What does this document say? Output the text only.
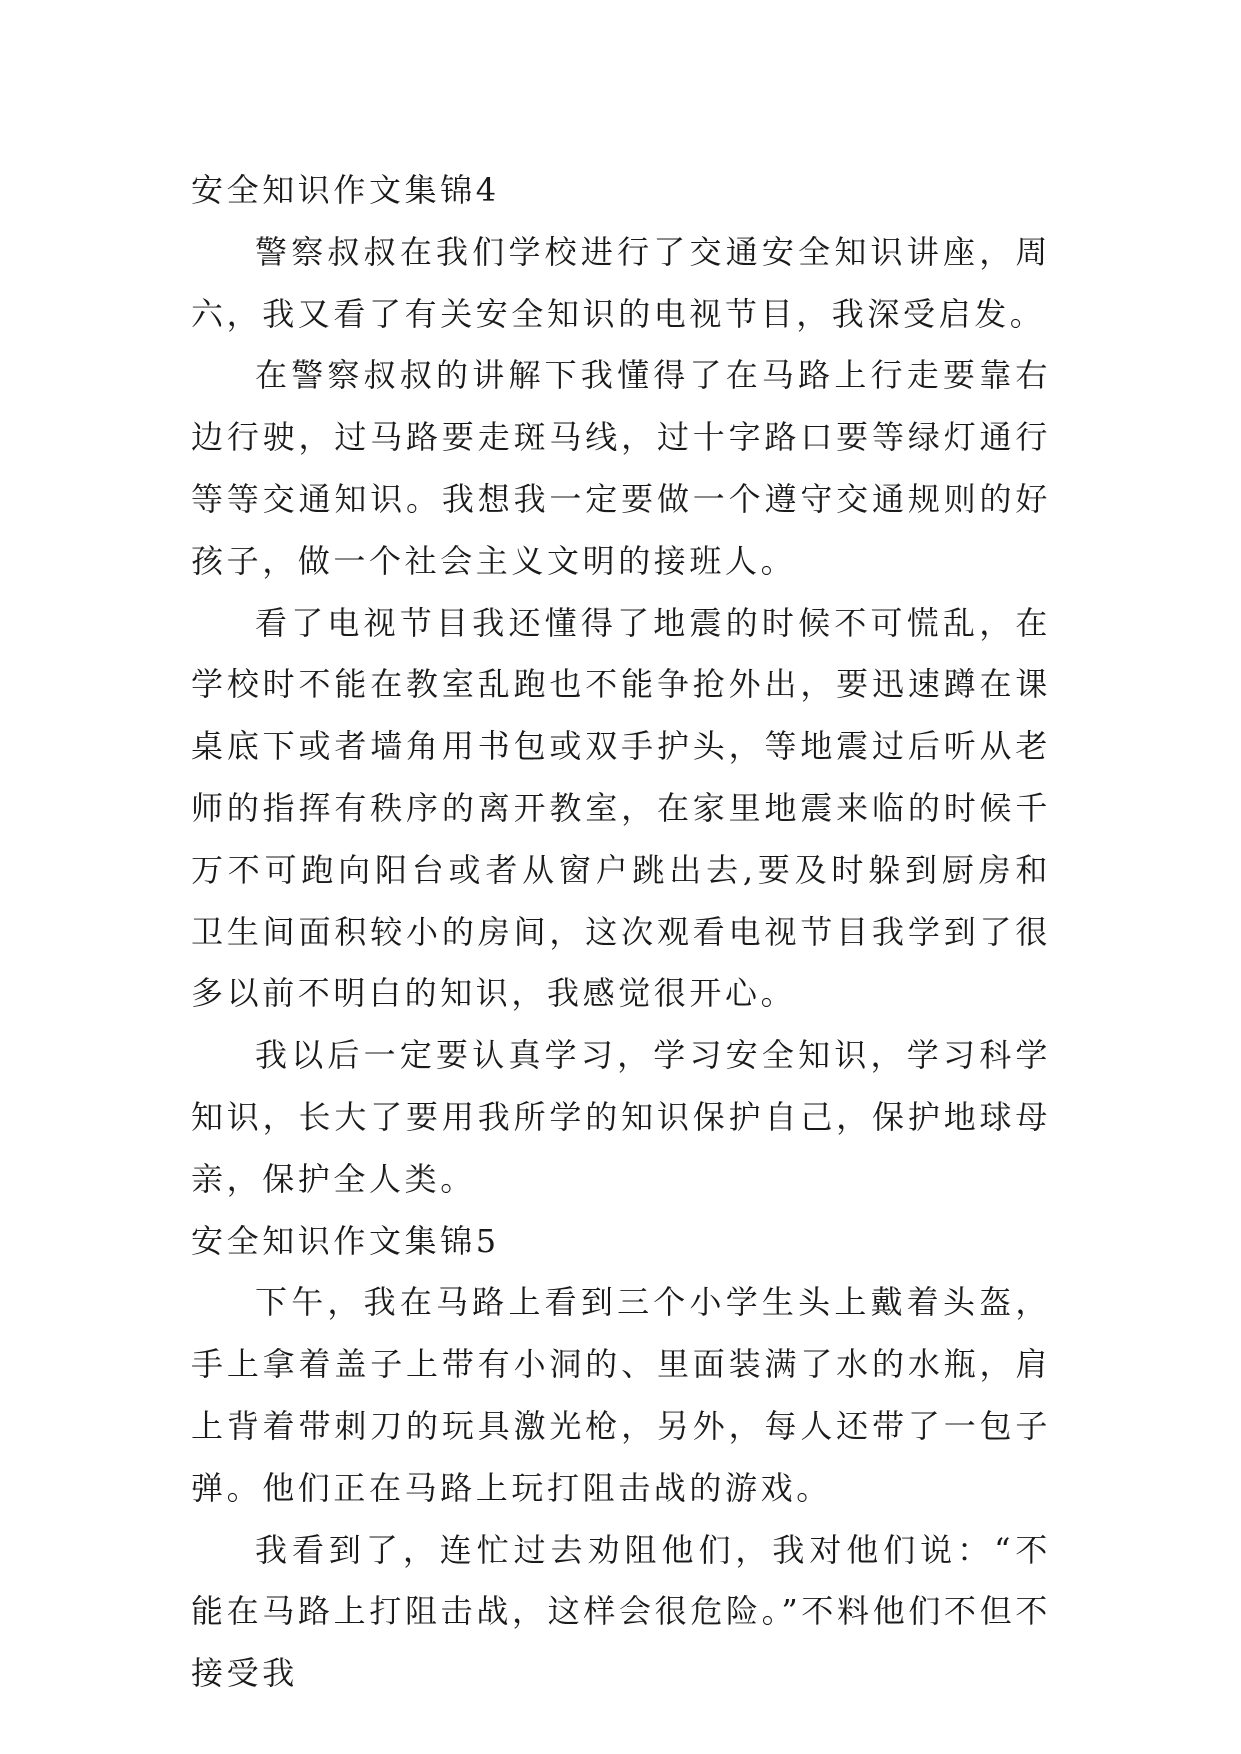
安全知识作文集锦4

警察叔叔在我们学校进行了交通安全知识讲座，周六，我又看了有关安全知识的电视节目，我深受启发。

在警察叔叔的讲解下我懂得了在马路上行走要靠右边行驶，过马路要走斑马线，过十字路口要等绿灯通行等等交通知识。我想我一定要做一个遵守交通规则的好孩子，做一个社会主义文明的接班人。

看了电视节目我还懂得了地震的时候不可慌乱，在学校时不能在教室乱跑也不能争抢外出，要迅速蹲在课桌底下或者墙角用书包或双手护头，等地震过后听从老师的指挥有秩序的离开教室，在家里地震来临的时候千万不可跑向阳台或者从窗户跳出去,要及时躲到厨房和卫生间面积较小的房间，这次观看电视节目我学到了很多以前不明白的知识，我感觉很开心。

我以后一定要认真学习，学习安全知识，学习科学知识，长大了要用我所学的知识保护自己，保护地球母亲，保护全人类。

安全知识作文集锦5

下午，我在马路上看到三个小学生头上戴着头盔，手上拿着盖子上带有小洞的、里面装满了水的水瓶，肩上背着带刺刀的玩具激光枪，另外，每人还带了一包子弹。他们正在马路上玩打阻击战的游戏。

我看到了，连忙过去劝阻他们，我对他们说：“不能在马路上打阻击战，这样会很危险。”不料他们不但不接受我
